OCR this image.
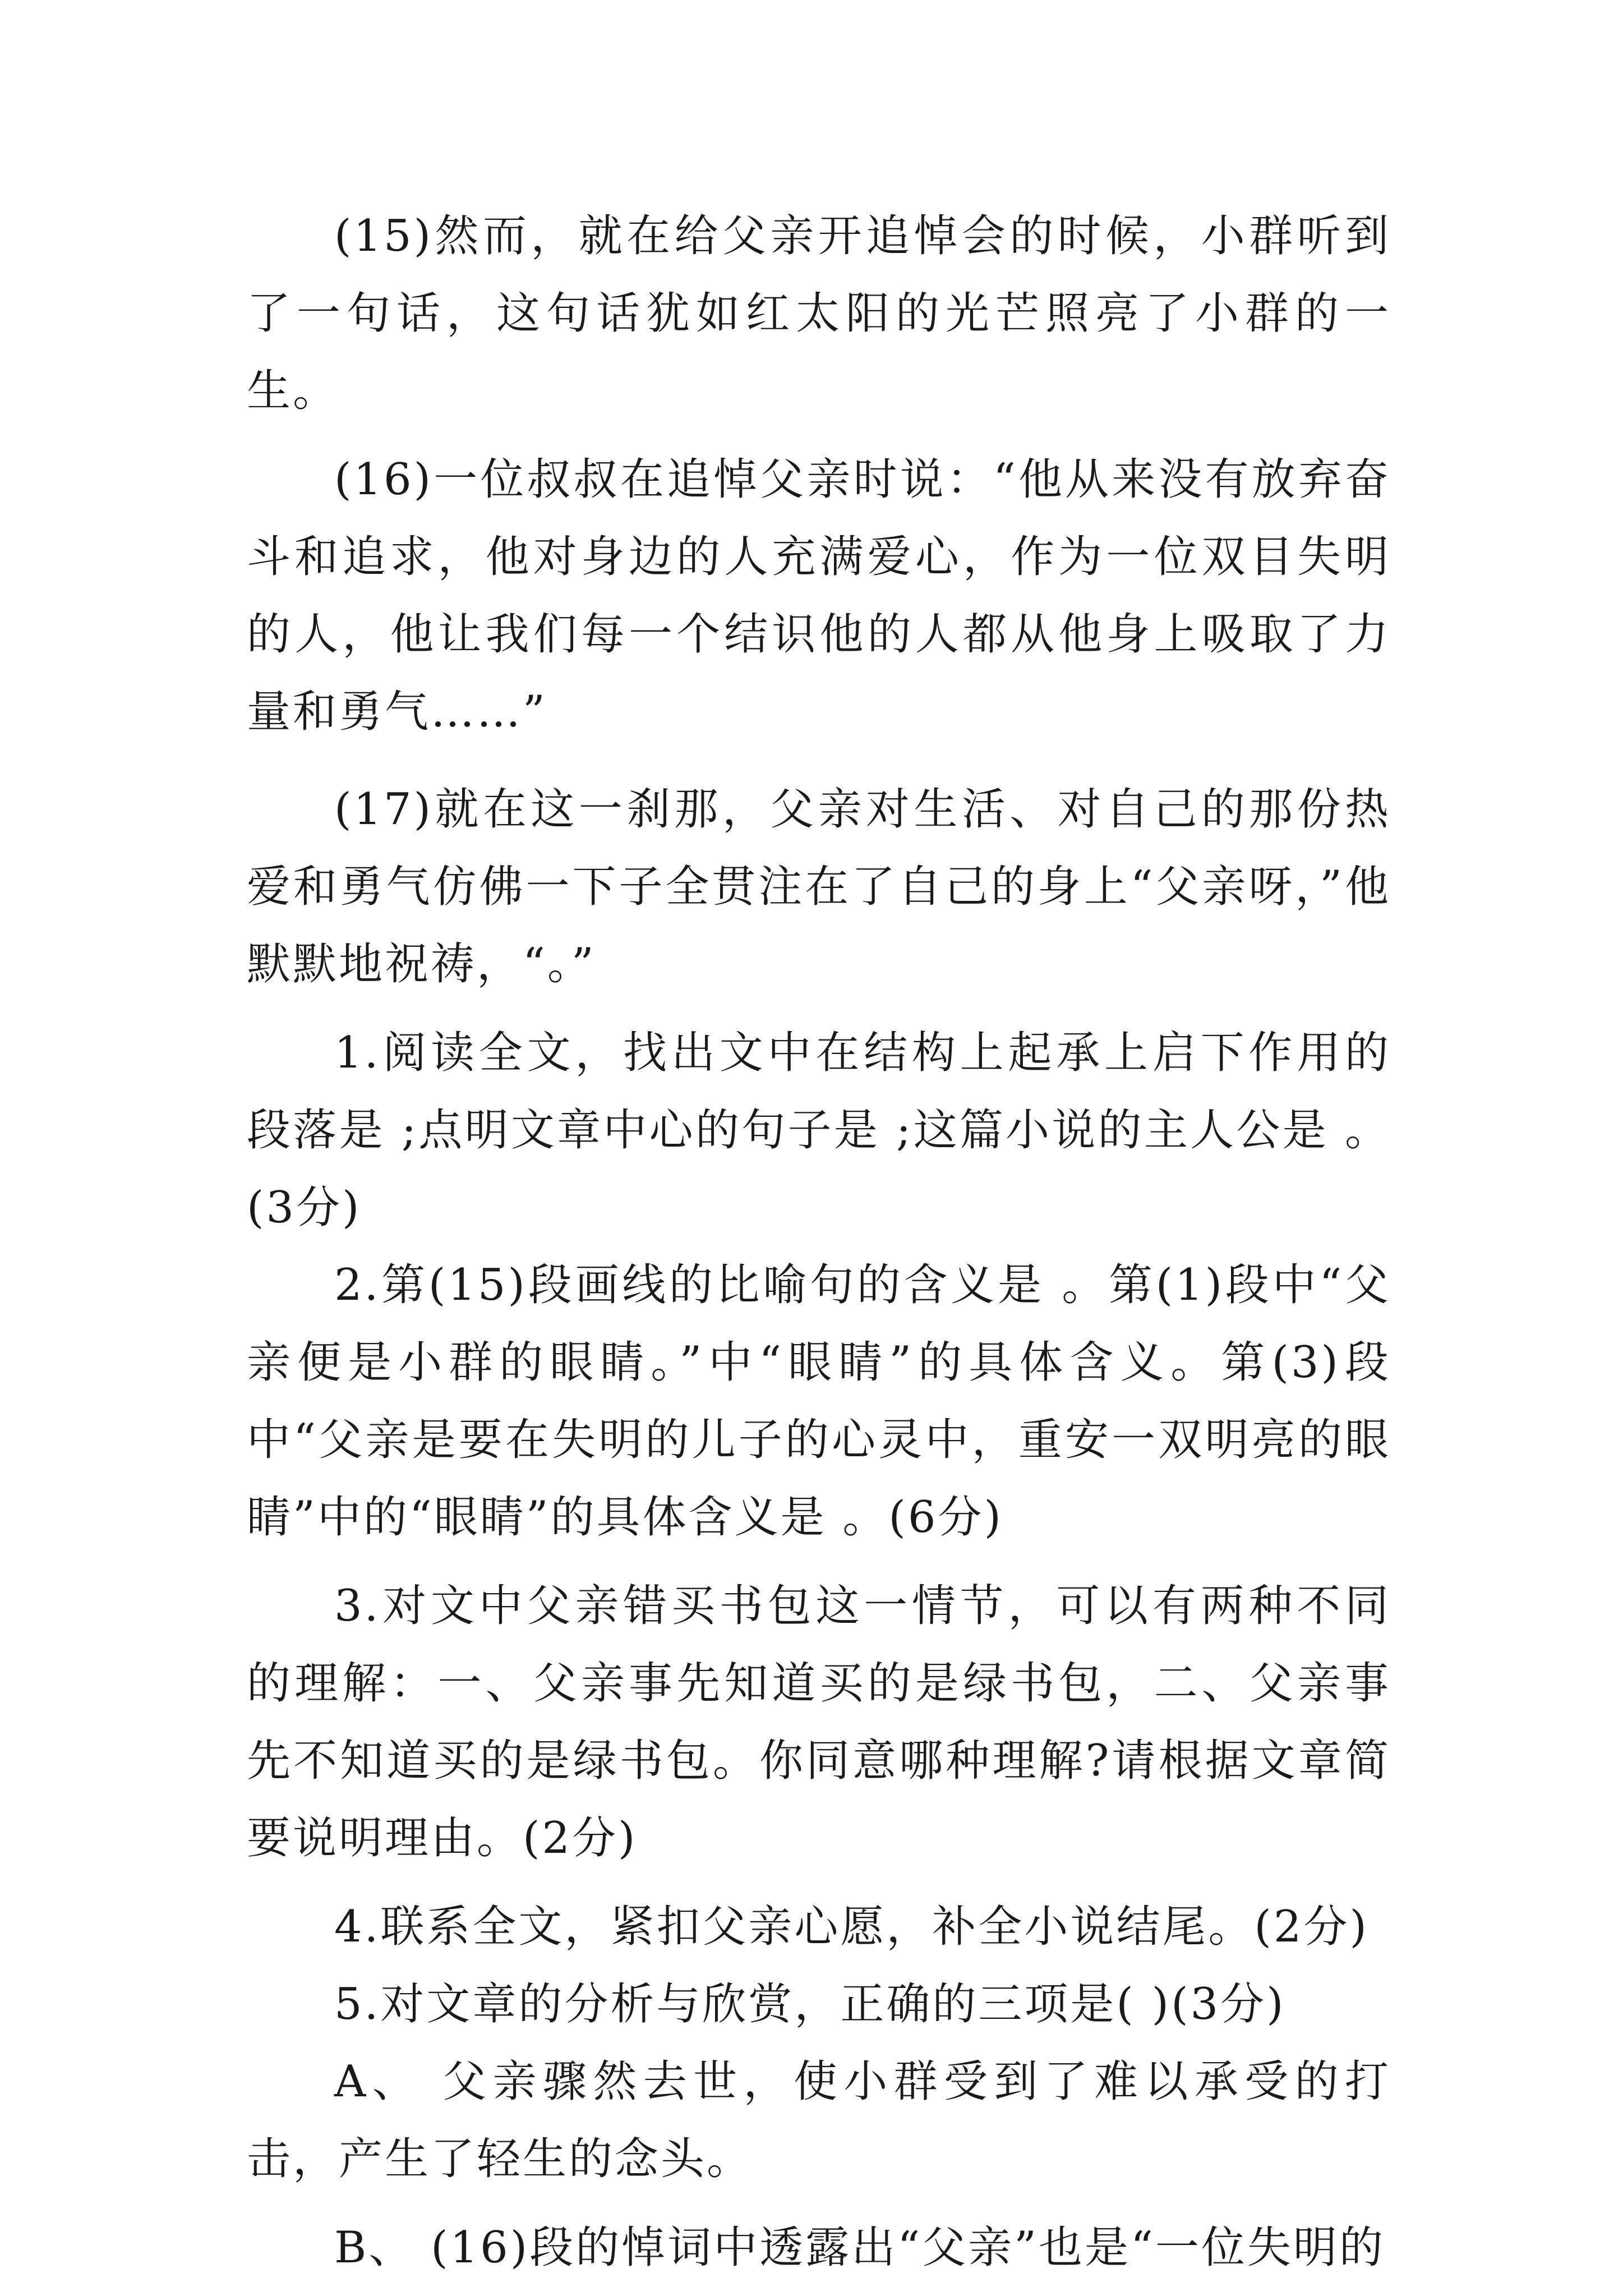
(15)然而，就在给父亲开追悼会的时候，小群听到了一句话，这句话犹如红太阳的光芒照亮了小群的一生。

(16)一位叔叔在追悼父亲时说：“他从来没有放弃奋斗和追求，他对身边的人充满爱心，作为一位双目失明的人，他让我们每一个结识他的人都从他身上吸取了力量和勇气……”

(17)就在这一刹那，父亲对生活、对自己的那份热爱和勇气仿佛一下子全贯注在了自己的身上“父亲呀，”他默默地祝祷，“。”

1.阅读全文，找出文中在结构上起承上启下作用的段落是 ;点明文章中心的句子是 ;这篇小说的主人公是 。(3分)

2.第(15)段画线的比喻句的含义是 。第(1)段中“父亲便是小群的眼睛。”中“眼睛”的具体含义。第(3)段中“父亲是要在失明的儿子的心灵中，重安一双明亮的眼睛”中的“眼睛”的具体含义是 。(6分)

3.对文中父亲错买书包这一情节，可以有两种不同的理解：一、父亲事先知道买的是绿书包，二、父亲事先不知道买的是绿书包。你同意哪种理解?请根据文章简要说明理由。(2分)

4.联系全文，紧扣父亲心愿，补全小说结尾。(2分)

5.对文章的分析与欣赏，正确的三项是( )(3分)

A、 父亲骤然去世，使小群受到了难以承受的打击，产生了轻生的念头。

B、 (16)段的悼词中透露出“父亲”也是“一位失明的
